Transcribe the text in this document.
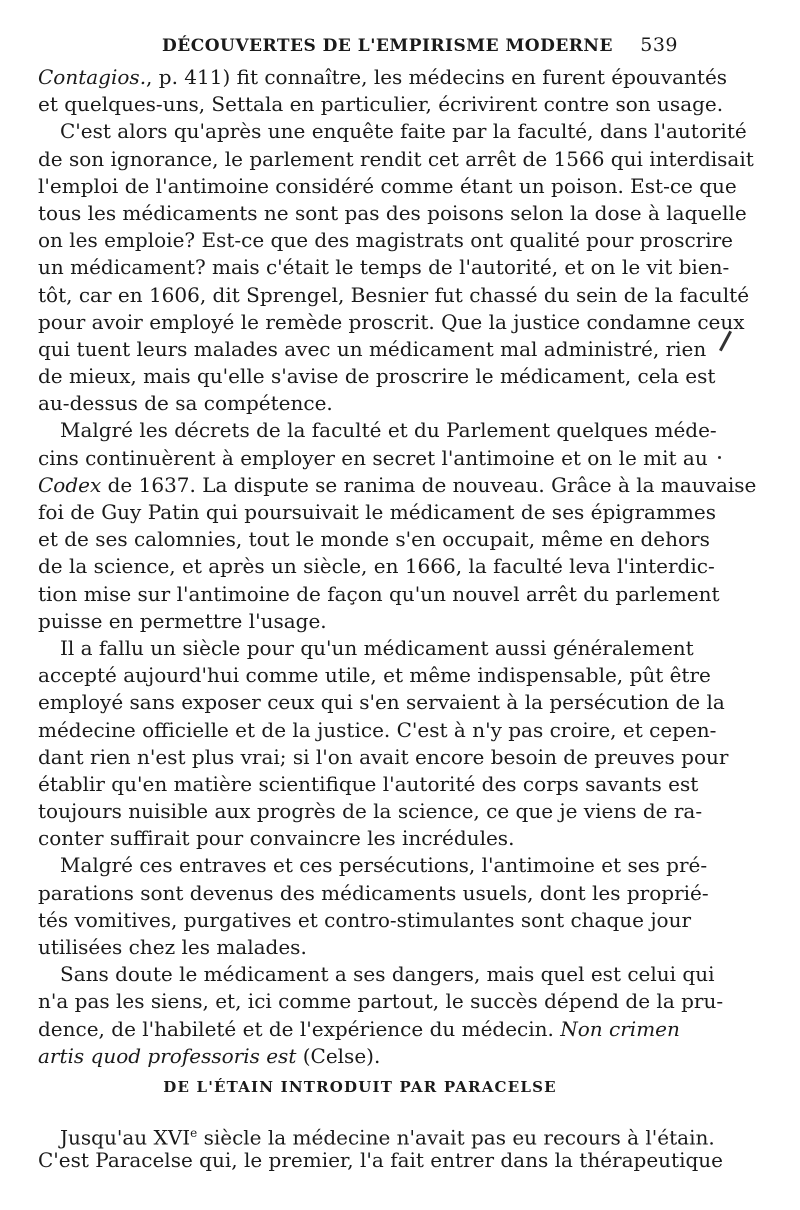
DÉCOUVERTES DE L'EMPIRISME MODERNE 539
Contagios., p. 411) fit connaître, les médecins en furent épouvantés
et quelques-uns, Settala en particulier, écrivirent contre son usage.
C'est alors qu'après une enquête faite par la faculté, dans l'autorité
de son ignorance, le parlement rendit cet arrêt de 1566 qui interdisait
l'emploi de l'antimoine considéré comme étant un poison. Est-ce que
tous les médicaments ne sont pas des poisons selon la dose à laquelle
on les emploie? Est-ce que des magistrats ont qualité pour proscrire
un médicament? mais c'était le temps de l'autorité, et on le vit bien-
tôt, car en 1606, dit Sprengel, Besnier fut chassé du sein de la faculté
pour avoir employé le remède proscrit. Que la justice condamne ceux
qui tuent leurs malades avec un médicament mal administré, rien
de mieux, mais qu'elle s'avise de proscrire le médicament, cela est
au-dessus de sa compétence.
Malgré les décrets de la faculté et du Parlement quelques méde-
cins continuèrent à employer en secret l'antimoine et on le mit au
Codex de 1637. La dispute se ranima de nouveau. Grâce à la mauvaise
foi de Guy Patin qui poursuivait le médicament de ses épigrammes
et de ses calomnies, tout le monde s'en occupait, même en dehors
de la science, et après un siècle, en 1666, la faculté leva l'interdic-
tion mise sur l'antimoine de façon qu'un nouvel arrêt du parlement
puisse en permettre l'usage.
Il a fallu un siècle pour qu'un médicament aussi généralement
accepté aujourd'hui comme utile, et même indispensable, pût être
employé sans exposer ceux qui s'en servaient à la persécution de la
médecine officielle et de la justice. C'est à n'y pas croire, et cepen-
dant rien n'est plus vrai; si l'on avait encore besoin de preuves pour
établir qu'en matière scientifique l'autorité des corps savants est
toujours nuisible aux progrès de la science, ce que je viens de ra-
conter suffirait pour convaincre les incrédules.
Malgré ces entraves et ces persécutions, l'antimoine et ses pré-
parations sont devenus des médicaments usuels, dont les proprié-
tés vomitives, purgatives et contro-stimulantes sont chaque jour
utilisées chez les malades.
Sans doute le médicament a ses dangers, mais quel est celui qui
n'a pas les siens, et, ici comme partout, le succès dépend de la pru-
dence, de l'habileté et de l'expérience du médecin. Non crimen
artis quod professoris est (Celse).
DE L'ÉTAIN INTRODUIT PAR PARACELSE
Jusqu'au XVIe siècle la médecine n'avait pas eu recours à l'étain.
C'est Paracelse qui, le premier, l'a fait entrer dans la thérapeutique
